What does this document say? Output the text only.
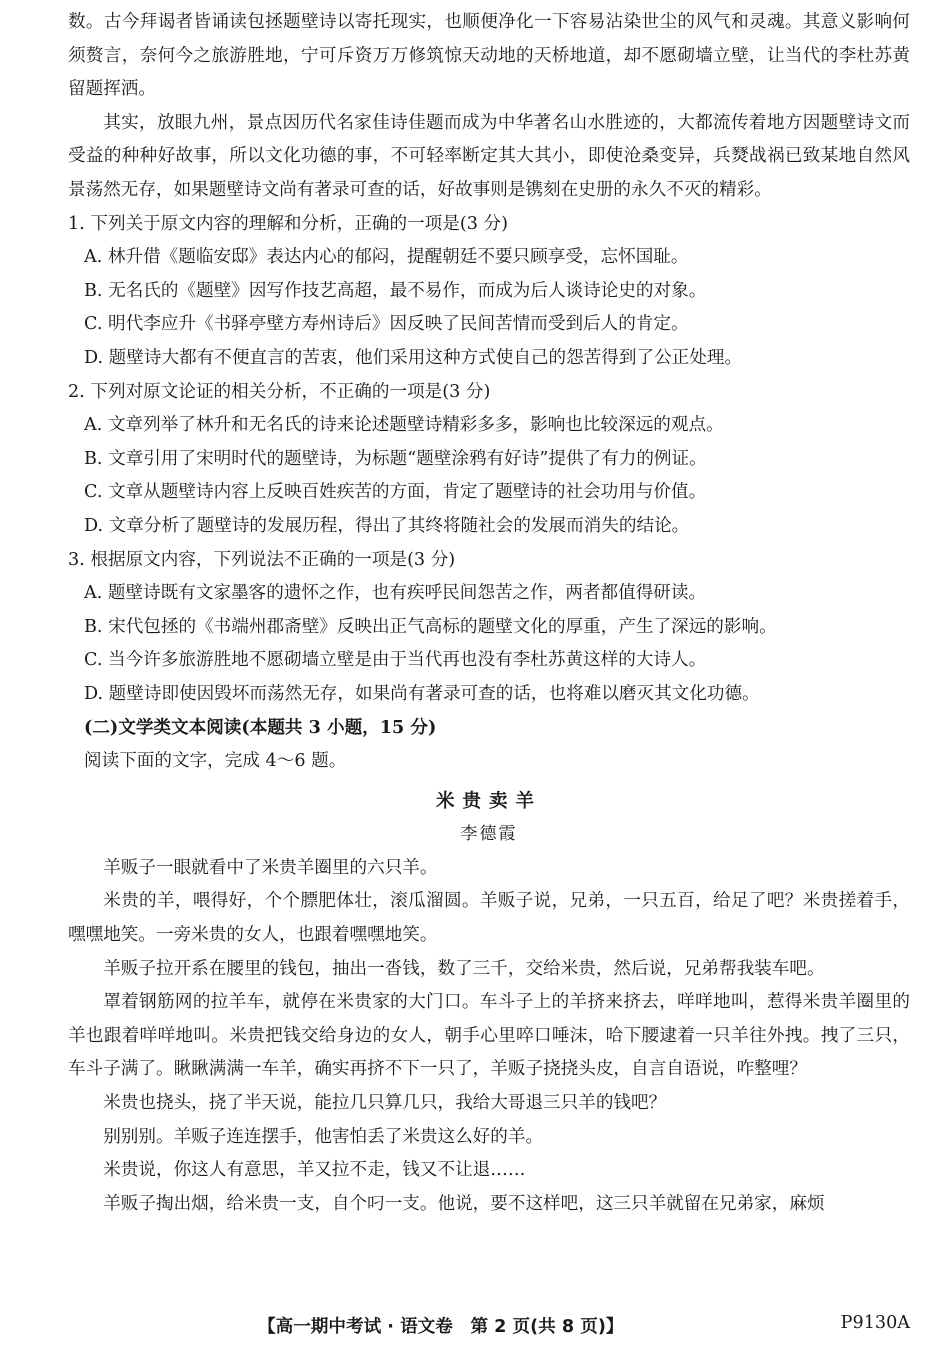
数。古今拜谒者皆诵读包拯题壁诗以寄托现实，也顺便净化一下容易沾染世尘的风气和灵魂。其意义影响何须赘言，奈何今之旅游胜地，宁可斥资万万修筑惊天动地的天桥地道，却不愿砌墙立壁，让当代的李杜苏黄留题挥洒。

其实，放眼九州，景点因历代名家佳诗佳题而成为中华著名山水胜迹的，大都流传着地方因题壁诗文而受益的种种好故事，所以文化功德的事，不可轻率断定其大其小，即使沧桑变异，兵燹战祸已致某地自然风景荡然无存，如果题壁诗文尚有著录可查的话，好故事则是镌刻在史册的永久不灭的精彩。

1. 下列关于原文内容的理解和分析，正确的一项是(3 分)

A. 林升借《题临安邸》表达内心的郁闷，提醒朝廷不要只顾享受，忘怀国耻。

B. 无名氏的《题壁》因写作技艺高超，最不易作，而成为后人谈诗论史的对象。

C. 明代李应升《书驿亭壁方寿州诗后》因反映了民间苦情而受到后人的肯定。

D. 题壁诗大都有不便直言的苦衷，他们采用这种方式使自己的怨苦得到了公正处理。

2. 下列对原文论证的相关分析，不正确的一项是(3 分)

A. 文章列举了林升和无名氏的诗来论述题壁诗精彩多多，影响也比较深远的观点。

B. 文章引用了宋明时代的题壁诗，为标题“题壁涂鸦有好诗”提供了有力的例证。

C. 文章从题壁诗内容上反映百姓疾苦的方面，肯定了题壁诗的社会功用与价值。

D. 文章分析了题壁诗的发展历程，得出了其终将随社会的发展而消失的结论。

3. 根据原文内容，下列说法不正确的一项是(3 分)

A. 题壁诗既有文家墨客的遗怀之作，也有疾呼民间怨苦之作，两者都值得研读。

B. 宋代包拯的《书端州郡斋壁》反映出正气高标的题壁文化的厚重，产生了深远的影响。

C. 当今许多旅游胜地不愿砌墙立壁是由于当代再也没有李杜苏黄这样的大诗人。

D. 题壁诗即使因毁坏而荡然无存，如果尚有著录可查的话，也将难以磨灭其文化功德。

(二)文学类文本阅读(本题共 3 小题，15 分)

阅读下面的文字，完成 4～6 题。

米贵卖羊

李德霞

羊贩子一眼就看中了米贵羊圈里的六只羊。

米贵的羊，喂得好，个个膘肥体壮，滚瓜溜圆。羊贩子说，兄弟，一只五百，给足了吧？米贵搓着手，嘿嘿地笑。一旁米贵的女人，也跟着嘿嘿地笑。

羊贩子拉开系在腰里的钱包，抽出一沓钱，数了三千，交给米贵，然后说，兄弟帮我装车吧。

罩着钢筋网的拉羊车，就停在米贵家的大门口。车斗子上的羊挤来挤去，咩咩地叫，惹得米贵羊圈里的羊也跟着咩咩地叫。米贵把钱交给身边的女人，朝手心里啐口唾沫，哈下腰逮着一只羊往外拽。拽了三只，车斗子满了。瞅瞅满满一车羊，确实再挤不下一只了，羊贩子挠挠头皮，自言自语说，咋整哩？

米贵也挠头，挠了半天说，能拉几只算几只，我给大哥退三只羊的钱吧？

别别别。羊贩子连连摆手，他害怕丢了米贵这么好的羊。

米贵说，你这人有意思，羊又拉不走，钱又不让退……

羊贩子掏出烟，给米贵一支，自个叼一支。他说，要不这样吧，这三只羊就留在兄弟家，麻烦

【高一期中考试 · 语文卷　第 2 页(共 8 页)】	P9130A
